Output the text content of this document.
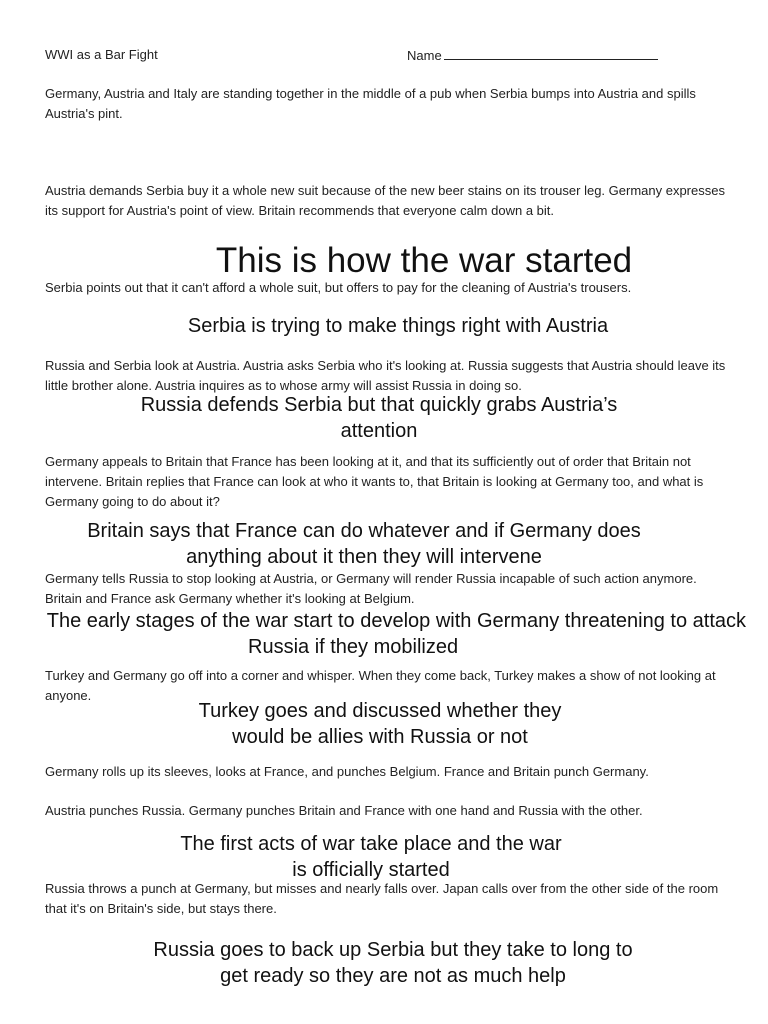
WWI as a Bar Fight	Name
Germany, Austria and Italy are standing together in the middle of a pub when Serbia bumps into Austria and spills Austria's pint.
Austria demands Serbia buy it a whole new suit because of the new beer stains on its trouser leg. Germany expresses its support for Austria's point of view. Britain recommends that everyone calm down a bit.
This is how the war started
Serbia points out that it can't afford a whole suit, but offers to pay for the cleaning of Austria's trousers.
Serbia is trying to make things right with Austria
Russia and Serbia look at Austria. Austria asks Serbia who it's looking at. Russia suggests that Austria should leave its little brother alone. Austria inquires as to whose army will assist Russia in doing so.
Russia defends Serbia but that quickly grabs Austria’s
attention
Germany appeals to Britain that France has been looking at it, and that its sufficiently out of order that Britain not intervene. Britain replies that France can look at who it wants to, that Britain is looking at Germany too, and what is Germany going to do about it?
Britain says that France can do whatever and if Germany does
anything about it then they will intervene
Germany tells Russia to stop looking at Austria, or Germany will render Russia incapable of such action anymore. Britain and France ask Germany whether it's looking at Belgium.
The early stages of the war start to develop with Germany threatening to attack
Russia if they mobilized
Turkey and Germany go off into a corner and whisper. When they come back, Turkey makes a show of not looking at anyone.
Turkey goes and discussed whether they
would be allies with Russia or not
Germany rolls up its sleeves, looks at France, and punches Belgium. France and Britain punch Germany.
Austria punches Russia. Germany punches Britain and France with one hand and Russia with the other.
The first acts of war take place and the war
is officially started
Russia throws a punch at Germany, but misses and nearly falls over. Japan calls over from the other side of the room that it's on Britain's side, but stays there.
Russia goes to back up Serbia but they take to long to
get ready so they are not as much help
